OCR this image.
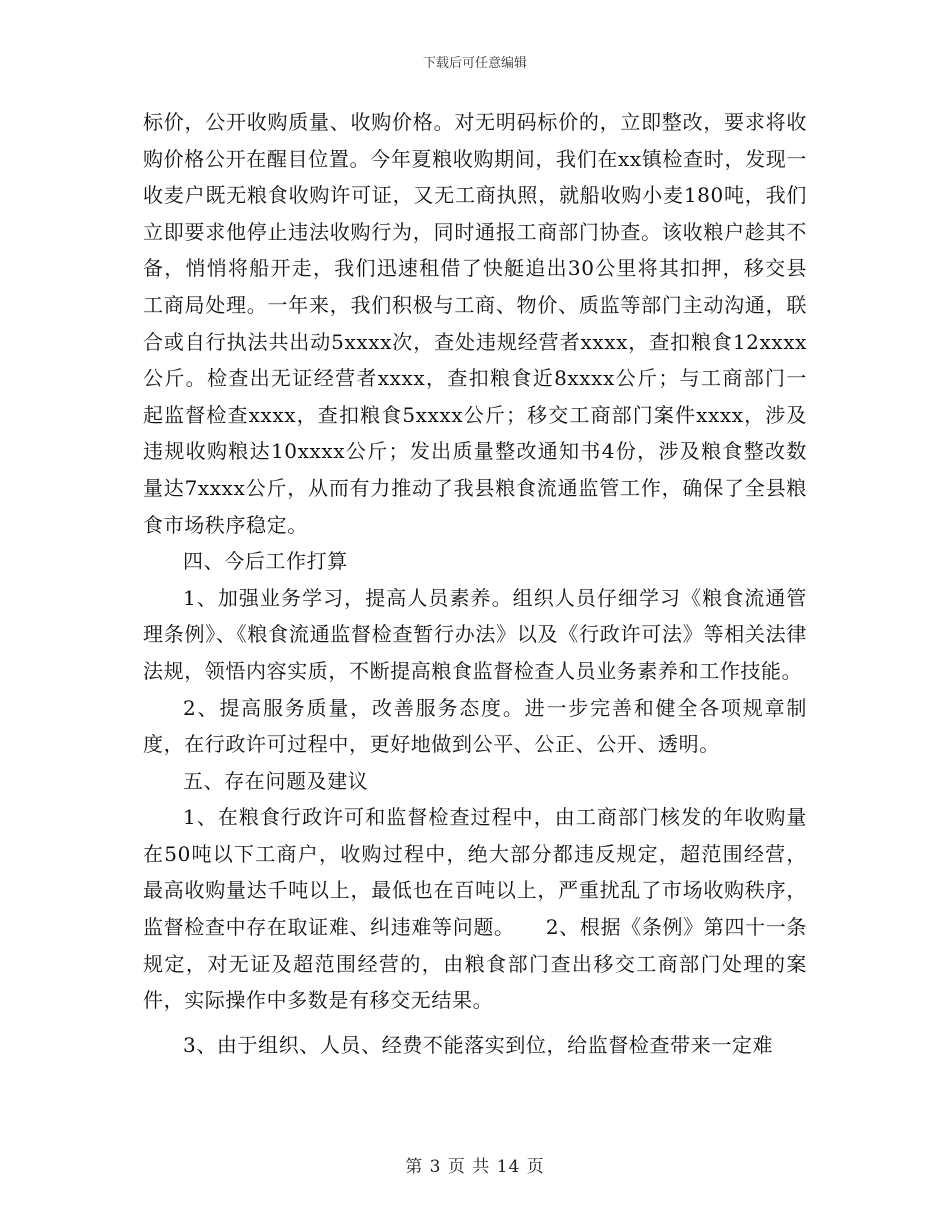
下载后可任意编辑

标价，公开收购质量、收购价格。对无明码标价的，立即整改，要求将收购价格公开在醒目位置。今年夏粮收购期间，我们在xx镇检查时，发现一收麦户既无粮食收购许可证，又无工商执照，就船收购小麦180吨，我们立即要求他停止违法收购行为，同时通报工商部门协查。该收粮户趁其不备，悄悄将船开走，我们迅速租借了快艇追出30公里将其扣押，移交县工商局处理。一年来，我们积极与工商、物价、质监等部门主动沟通，联合或自行执法共出动5xxxx次，查处违规经营者xxxx，查扣粮食12xxxx公斤。检查出无证经营者xxxx，查扣粮食近8xxxx公斤；与工商部门一起监督检查xxxx，查扣粮食5xxxx公斤；移交工商部门案件xxxx，涉及违规收购粮达10xxxx公斤；发出质量整改通知书4份，涉及粮食整改数量达7xxxx公斤，从而有力推动了我县粮食流通监管工作，确保了全县粮食市场秩序稳定。

四、今后工作打算

1、加强业务学习，提高人员素养。组织人员仔细学习《粮食流通管理条例》、《粮食流通监督检查暂行办法》以及《行政许可法》等相关法律法规，领悟内容实质，不断提高粮食监督检查人员业务素养和工作技能。

2、提高服务质量，改善服务态度。进一步完善和健全各项规章制度，在行政许可过程中，更好地做到公平、公正、公开、透明。

五、存在问题及建议

1、在粮食行政许可和监督检查过程中，由工商部门核发的年收购量在50吨以下工商户，收购过程中，绝大部分都违反规定，超范围经营，最高收购量达千吨以上，最低也在百吨以上，严重扰乱了市场收购秩序，监督检查中存在取证难、纠违难等问题。　　2、根据《条例》第四十一条规定，对无证及超范围经营的，由粮食部门查出移交工商部门处理的案件，实际操作中多数是有移交无结果。

3、由于组织、人员、经费不能落实到位，给监督检查带来一定难

第 3 页 共 14 页
